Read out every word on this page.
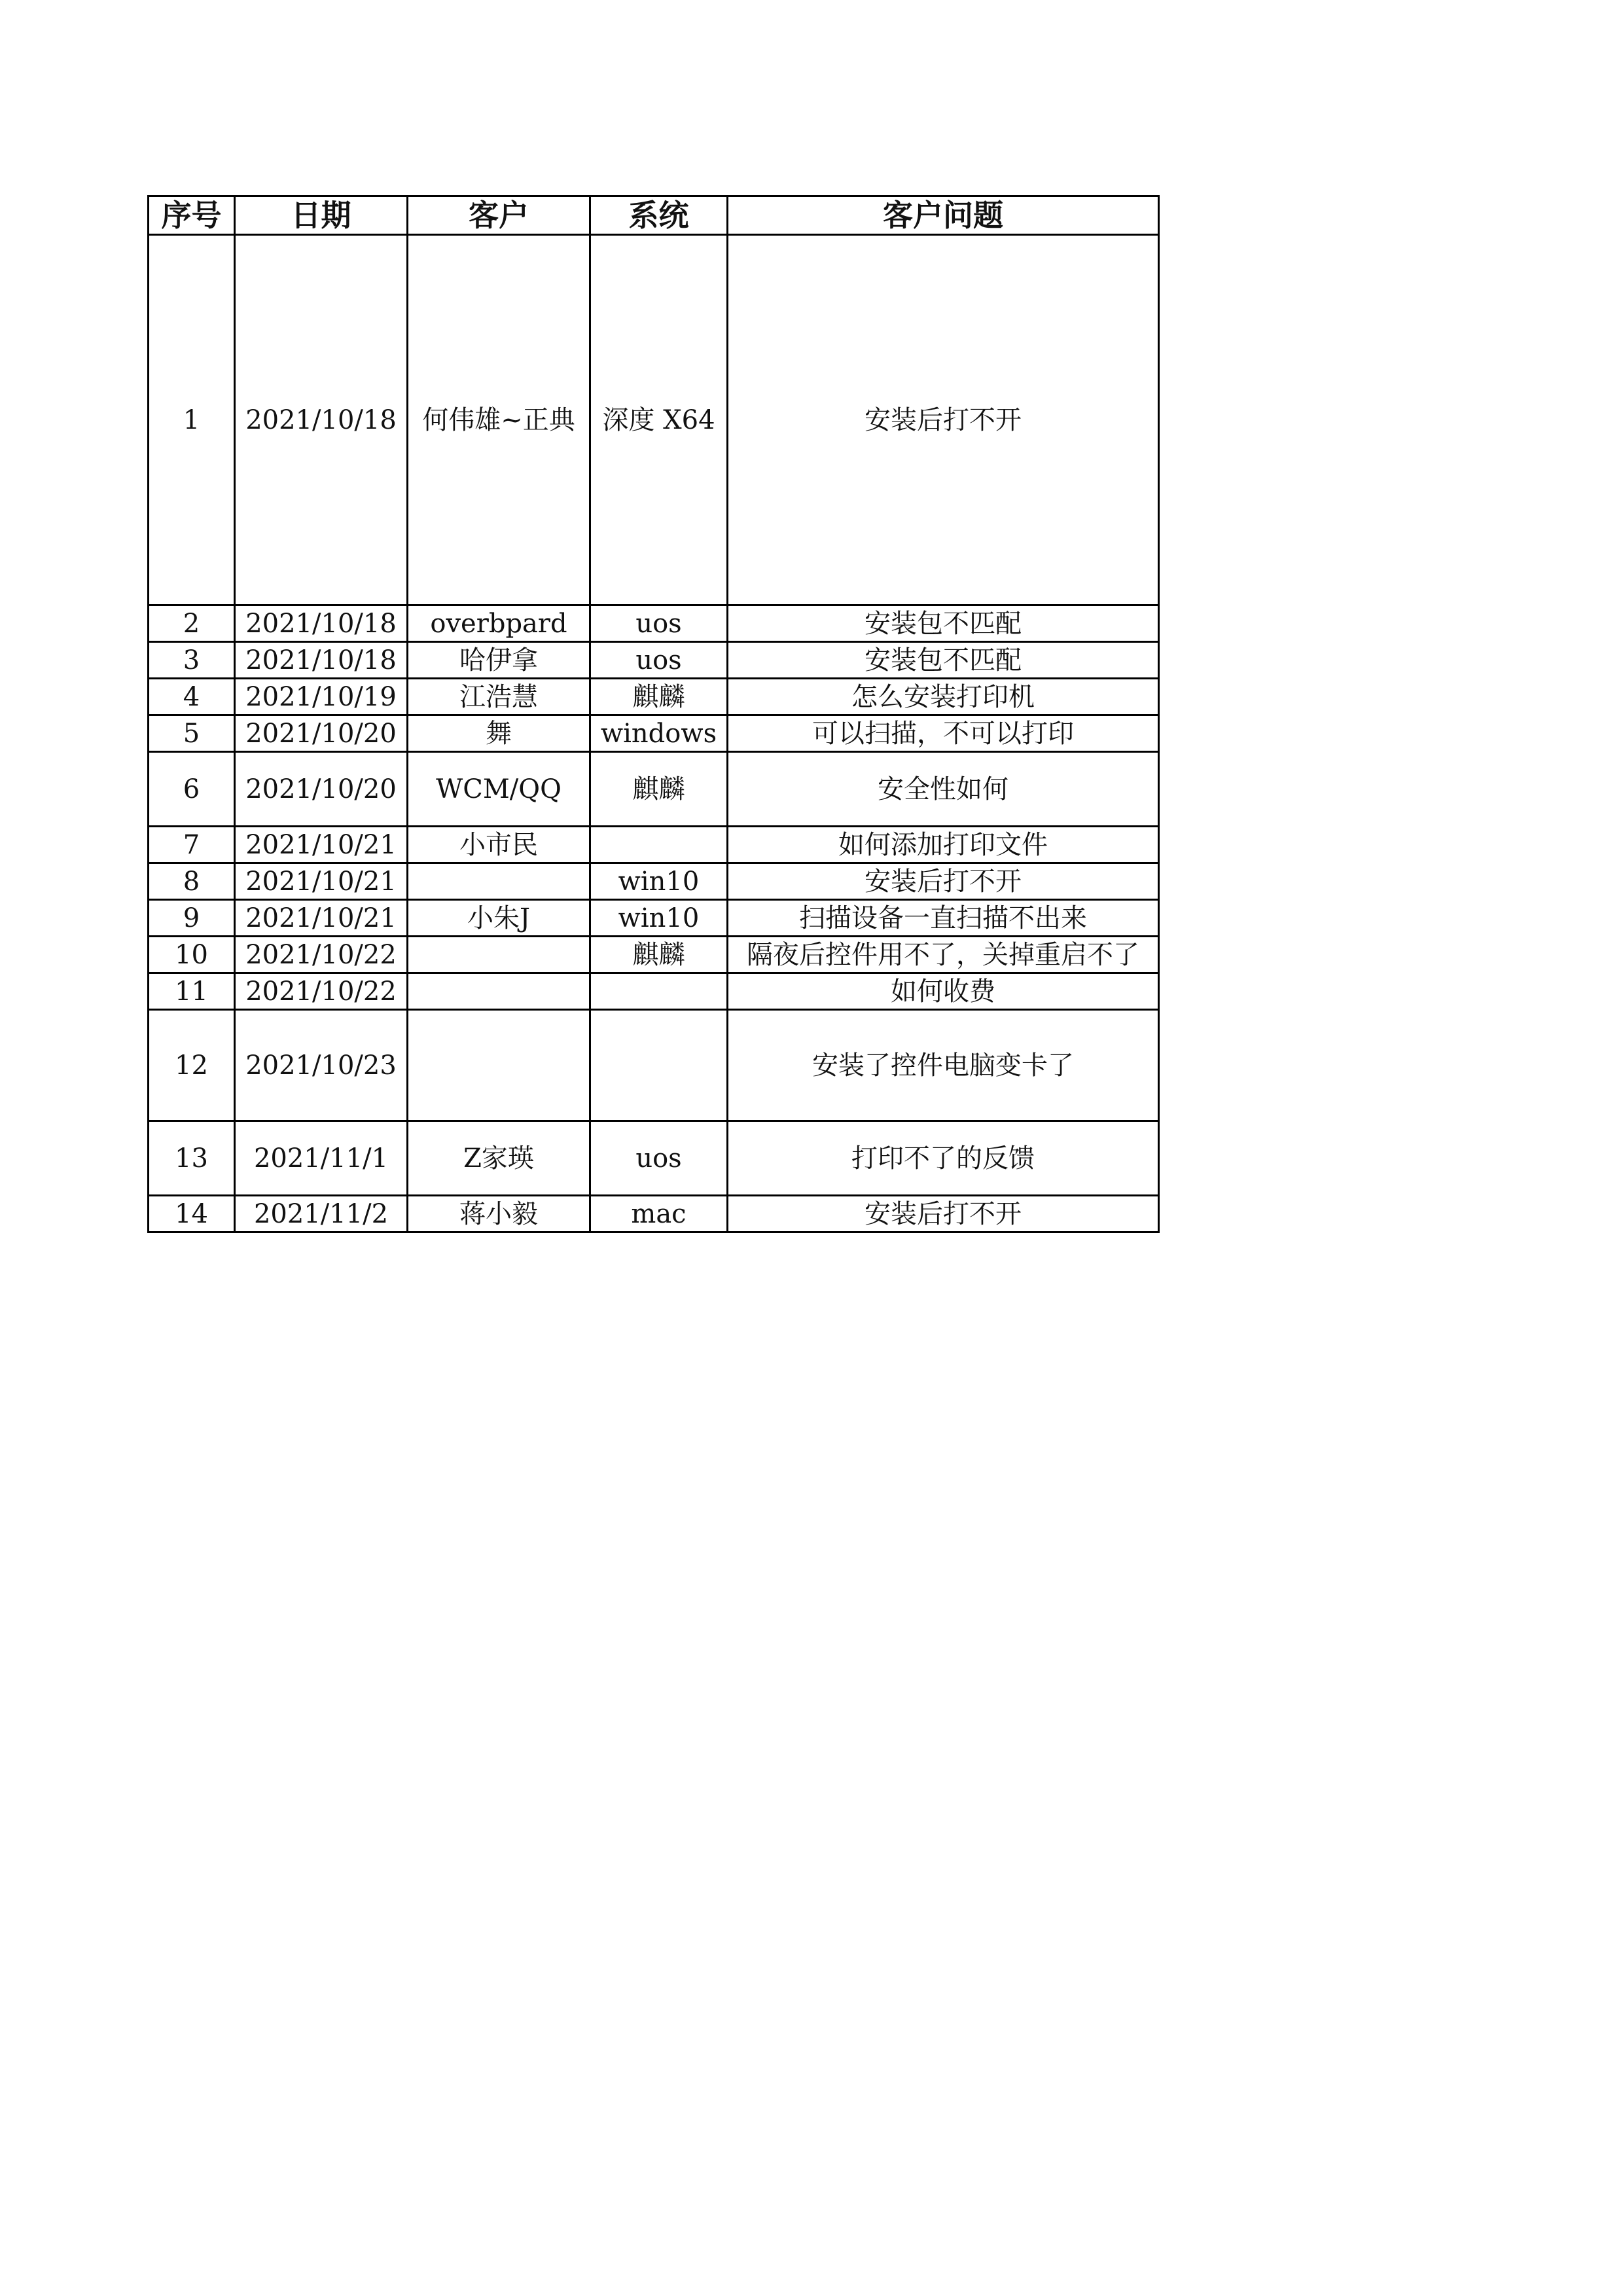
序号	日期	客户	系统	客户问题
1	2021/10/18	何伟雄~正典	深度 X64	安装后打不开
2	2021/10/18	overbpard	uos	安装包不匹配
3	2021/10/18	哈伊拿	uos	安装包不匹配
4	2021/10/19	江浩慧	麒麟	怎么安装打印机
5	2021/10/20	舞	windows	可以扫描，不可以打印
6	2021/10/20	WCM/QQ	麒麟	安全性如何
7	2021/10/21	小市民		如何添加打印文件
8	2021/10/21		win10	安装后打不开
9	2021/10/21	小朱J	win10	扫描设备一直扫描不出来
10	2021/10/22		麒麟	隔夜后控件用不了，关掉重启不了
11	2021/10/22			如何收费
12	2021/10/23			安装了控件电脑变卡了
13	2021/11/1	Z家瑛	uos	打印不了的反馈
14	2021/11/2	蒋小毅	mac	安装后打不开
